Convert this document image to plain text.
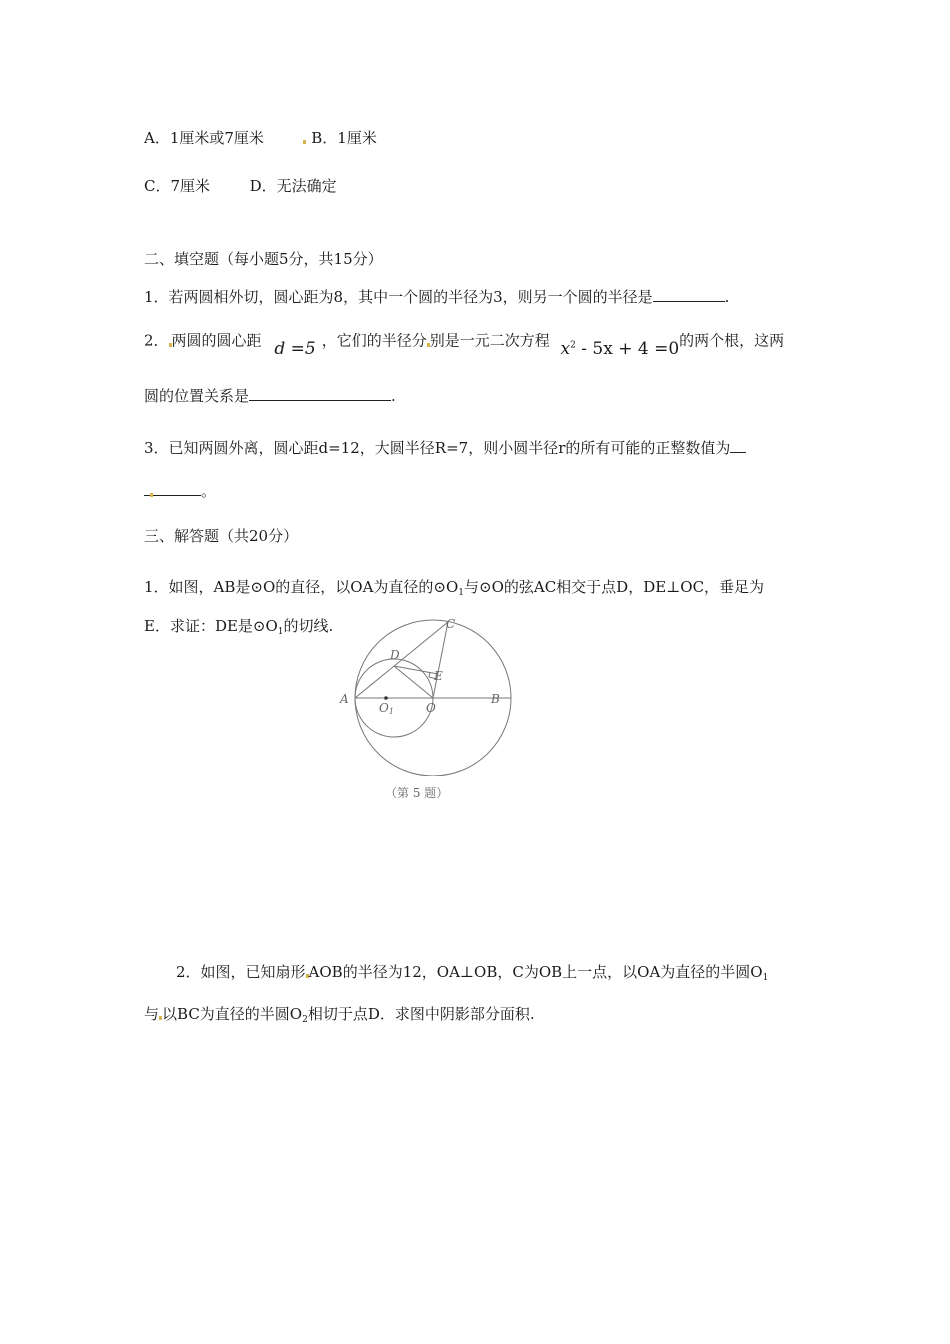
A．1厘米或7厘米	B．1厘米
C．7厘米	D．无法确定
二、填空题（每小题5分，共15分）
1．若两圆相外切，圆心距为8，其中一个圆的半径为3，则另一个圆的半径是	.
2． 两圆的圆心距 d =5 ，它们的半径分 别是一元二次方程 $x^2 - 5x + 4 =0$的两个根，这两
圆的位置关系是	.
3．已知两圆外离，圆心距d=12，大圆半径R=7，则小圆半径r的所有可能的正整数值为
。
三、解答题（共20分）
1．如图，AB是⊙O的直径，以OA为直径的$⊙O_1$与⊙O的弦AC相交于点D，DE⊥OC，垂足为
E．求证：DE是$⊙O_1$的切线.
A	B
C
D
E
O
O1
（第 5 题）
2．如图，已知扇形 AOB的半径为12，OA⊥OB，C为OB上一点，以OA为直径的半圆$O_1$
与 以BC为直径的半圆$O_2$相切于点D．求图中阴影部分面积.
